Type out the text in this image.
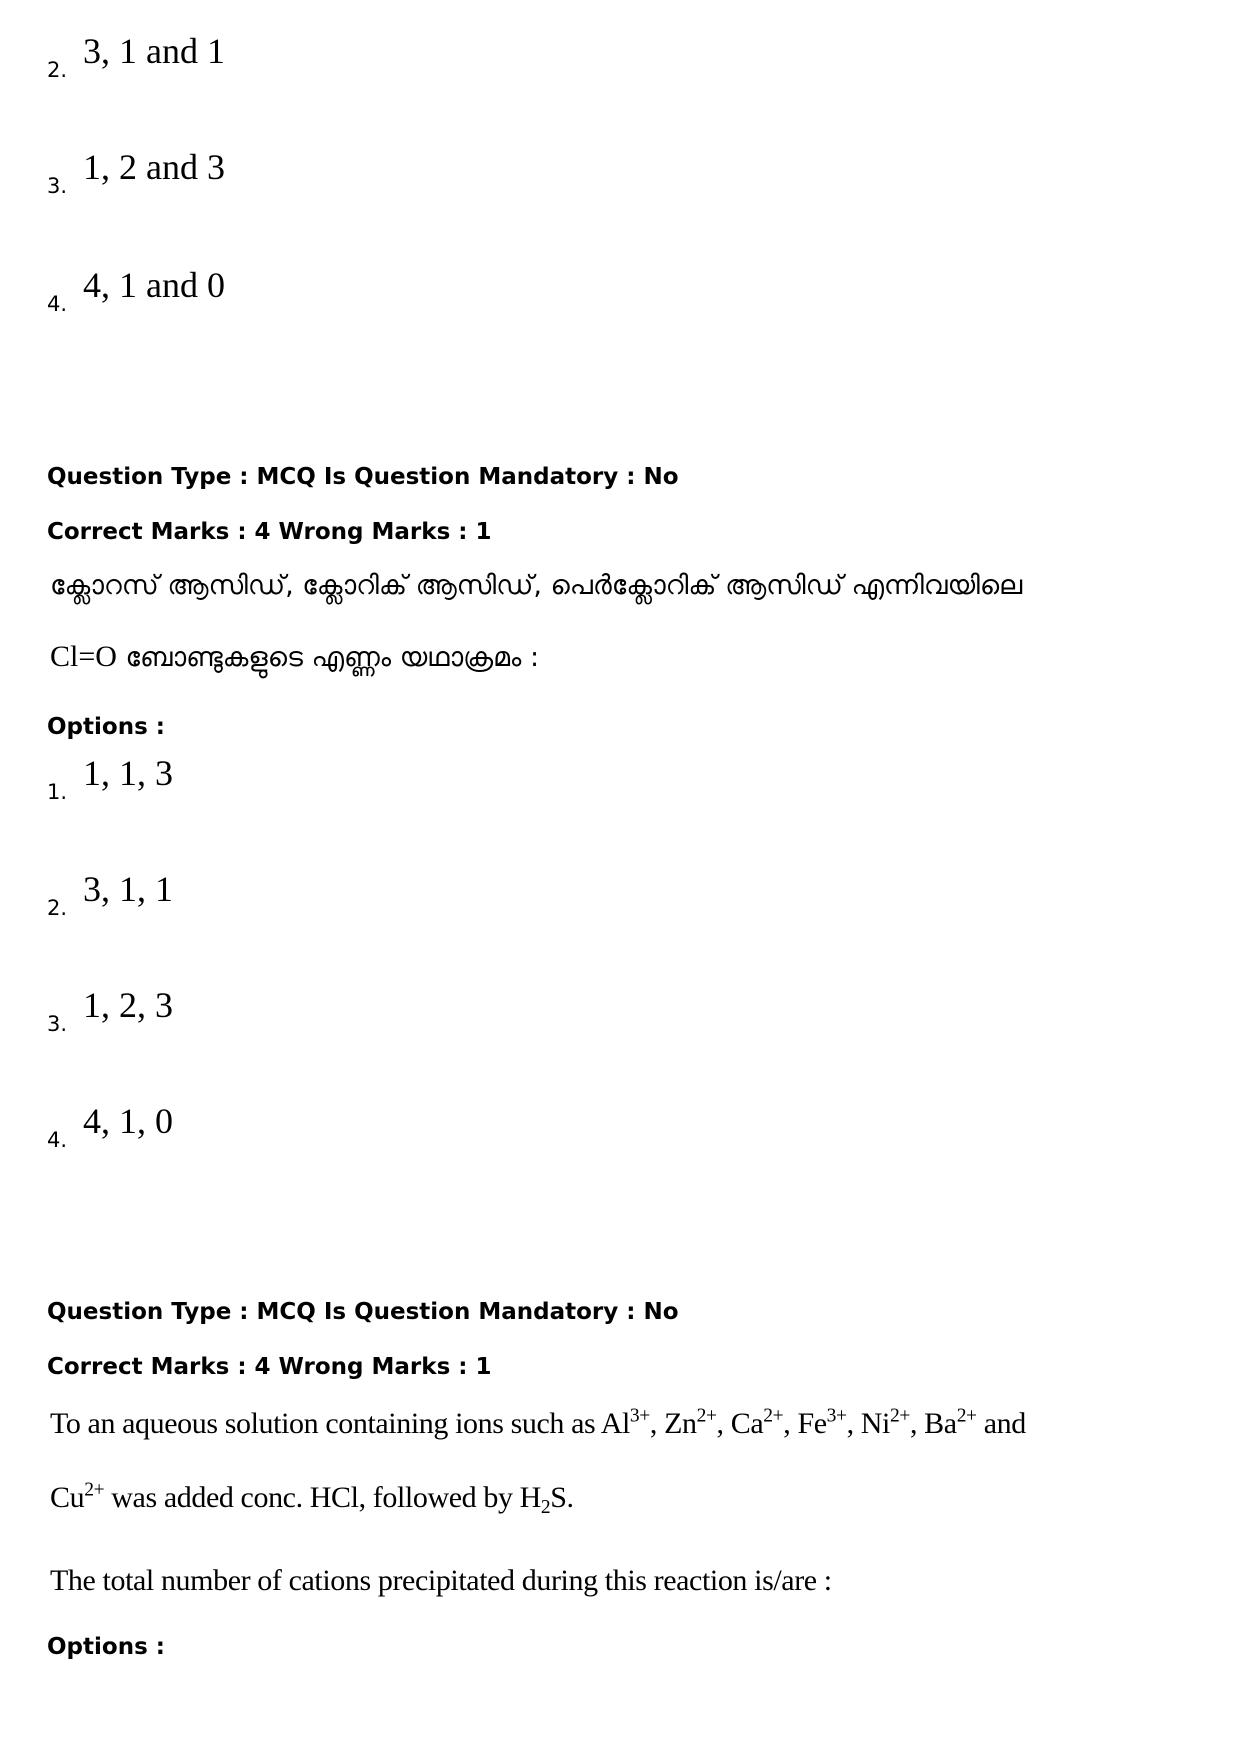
2. 3, 1 and 1
3. 1, 2 and 3
4. 4, 1 and 0
Question Type : MCQ Is Question Mandatory : No
Correct Marks : 4 Wrong Marks : 1
ക്ലോറസ് ആസിഡ്, ക്ലോറിക് ആസിഡ്, പെർക്ലോറിക് ആസിഡ് എന്നിവയിലെ
Cl=O ബോണ്ടുകളുടെ എണ്ണം യഥാക്രമം :
Options :
1. 1, 1, 3
2. 3, 1, 1
3. 1, 2, 3
4. 4, 1, 0
Question Type : MCQ Is Question Mandatory : No
Correct Marks : 4 Wrong Marks : 1
To an aqueous solution containing ions such as $Al^{3+}$, $Zn^{2+}$, $Ca^{2+}$, $Fe^{3+}$, $Ni^{2+}$, $Ba^{2+}$ and
$Cu^{2+}$ was added conc. HCl, followed by $H_2S$.
The total number of cations precipitated during this reaction is/are :
Options :
